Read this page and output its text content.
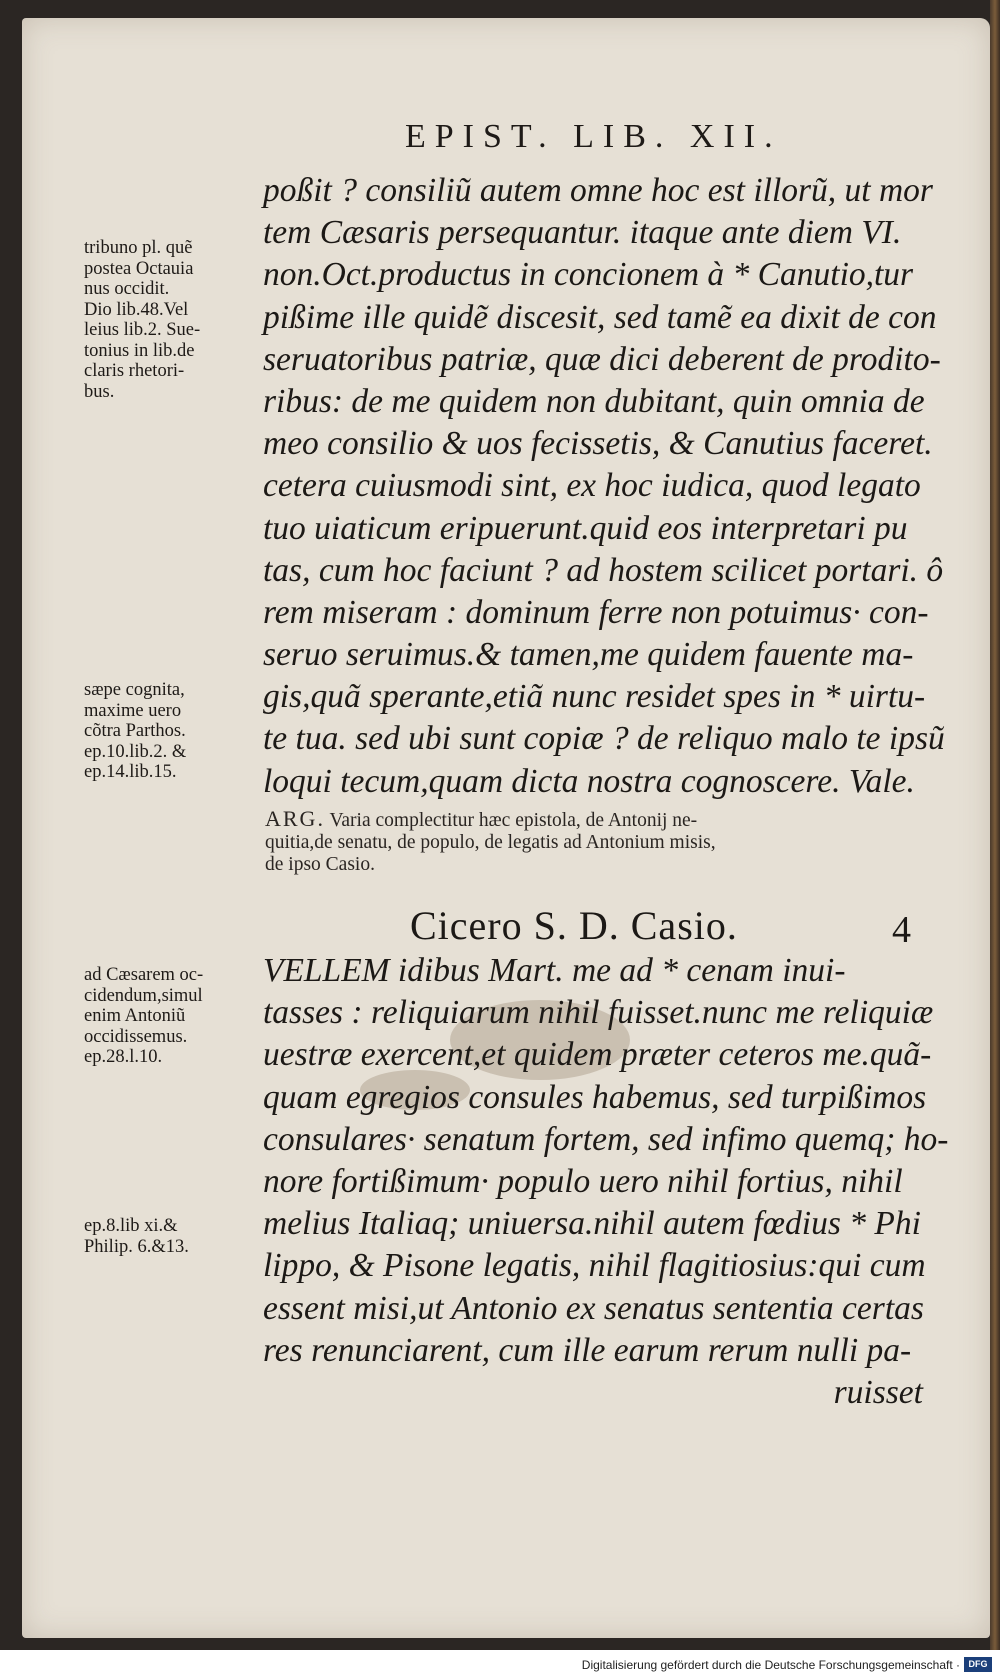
EPIST. LIB. XII.
poßit ? consiliũ autem omne hoc est illorũ, ut mor
tem Cæsaris persequantur. itaque ante diem VI.
non.Oct.productus in concionem à * Canutio,tur
pißime ille quidẽ discesit, sed tamẽ ea dixit de con
seruatoribus patriæ, quæ dici deberent de prodito-
ribus: de me quidem non dubitant, quin omnia de
meo consilio & uos fecissetis, & Canutius faceret.
cetera cuiusmodi sint, ex hoc iudica, quod legato
tuo uiaticum eripuerunt.quid eos interpretari pu
tas, cum hoc faciunt ? ad hostem scilicet portari. ô
rem miseram : dominum ferre non potuimus· con-
seruo seruimus.& tamen,me quidem fauente ma-
gis,quã sperante,etiã nunc residet spes in * uirtu-
te tua. sed ubi sunt copiæ ? de reliquo malo te ipsũ
loqui tecum,quam dicta nostra cognoscere. Vale.
tribuno pl. quẽ
postea Octauia
nus occidit.
Dio lib.48.Vel
leius lib.2. Sue-
tonius in lib.de
claris rhetori-
bus.
sæpe cognita,
maxime uero
cõtra Parthos.
ep.10.lib.2. &
ep.14.lib.15.
ad Cæsarem oc-
cidendum,simul
enim Antoniũ
occidissemus.
ep.28.l.10.
ep.8.lib xi.&
Philip. 6.&13.
ARG. Varia complectitur hæc epistola, de Antonij ne-
quitia,de senatu, de populo, de legatis ad Antonium misis,
de ipso Casio.
Cicero S. D. Casio.	4
VELLEM idibus Mart. me ad * cenam inui-
tasses : reliquiarum nihil fuisset.nunc me reliquiæ
uestræ exercent,et quidem præter ceteros me.quã-
quam egregios consules habemus, sed turpißimos
consulares· senatum fortem, sed infimo quemq; ho-
nore fortißimum· populo uero nihil fortius, nihil
melius Italiaq; uniuersa.nihil autem fœdius * Phi
lippo, & Pisone legatis, nihil flagitiosius:qui cum
essent misi,ut Antonio ex senatus sententia certas
res renunciarent, cum ille earum rerum nulli pa-
ruisset
Digitalisierung gefördert durch die Deutsche Forschungsgemeinschaft · DFG
